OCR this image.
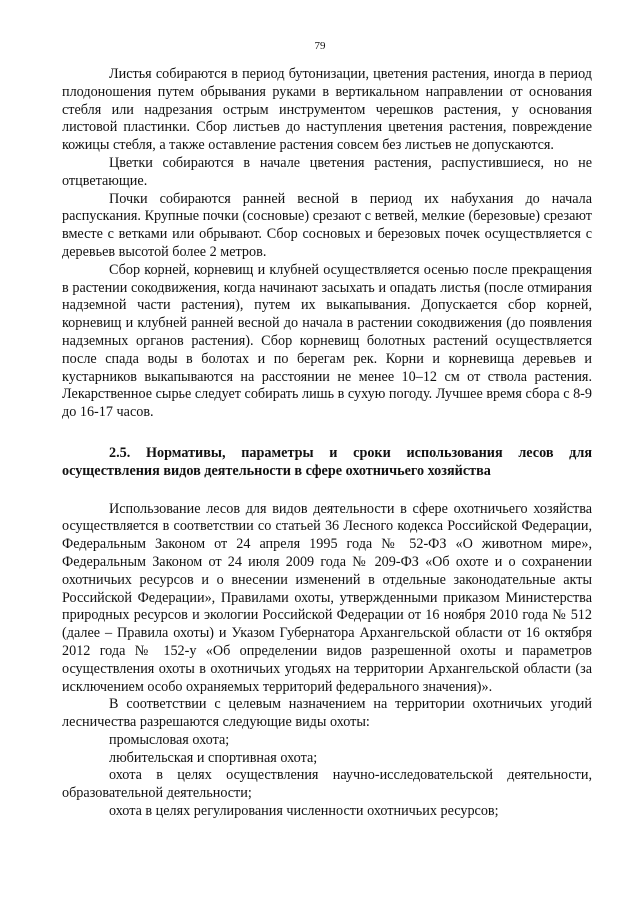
79

Листья собираются в период бутонизации, цветения растения, иногда в период плодоношения путем обрывания руками в вертикальном направлении от основания стебля или надрезания острым инструментом черешков растения, у основания листовой пластинки. Сбор листьев до наступления цветения растения, повреждение кожицы стебля, а также оставление растения совсем без листьев не допускаются.

Цветки собираются в начале цветения растения, распустившиеся, но не отцветающие.

Почки собираются ранней весной в период их набухания до начала распускания. Крупные почки (сосновые) срезают с ветвей, мелкие (березовые) срезают вместе с ветками или обрывают. Сбор сосновых и березовых почек осуществляется с деревьев высотой более 2 метров.

Сбор корней, корневищ и клубней осуществляется осенью после прекращения в растении сокодвижения, когда начинают засыхать и опадать листья (после отмирания надземной части растения), путем их выкапывания. Допускается сбор корней, корневищ и клубней ранней весной до начала в растении сокодвижения (до появления надземных органов растения). Сбор корневищ болотных растений осуществляется после спада воды в болотах и по берегам рек. Корни и корневища деревьев и кустарников выкапываются на расстоянии не менее 10–12 см от ствола растения. Лекарственное сырье следует собирать лишь в сухую погоду. Лучшее время сбора с 8-9 до 16-17 часов.

2.5. Нормативы, параметры и сроки использования лесов для осуществления видов деятельности в сфере охотничьего хозяйства

Использование лесов для видов деятельности в сфере охотничьего хозяйства осуществляется в соответствии со статьей 36 Лесного кодекса Российской Федерации, Федеральным Законом от 24 апреля 1995 года № 52-ФЗ «О животном мире», Федеральным Законом от 24 июля 2009 года № 209-ФЗ «Об охоте и о сохранении охотничьих ресурсов и о внесении изменений в отдельные законодательные акты Российской Федерации», Правилами охоты, утвержденными приказом Министерства природных ресурсов и экологии Российской Федерации от 16 ноября 2010 года № 512 (далее – Правила охоты) и Указом Губернатора Архангельской области от 16 октября 2012 года № 152-у «Об определении видов разрешенной охоты и параметров осуществления охоты в охотничьих угодьях на территории Архангельской области (за исключением особо охраняемых территорий федерального значения)».

В соответствии с целевым назначением на территории охотничьих угодий лесничества разрешаются следующие виды охоты:

промысловая охота;

любительская и спортивная охота;

охота в целях осуществления научно-исследовательской деятельности, образовательной деятельности;

охота в целях регулирования численности охотничьих ресурсов;
